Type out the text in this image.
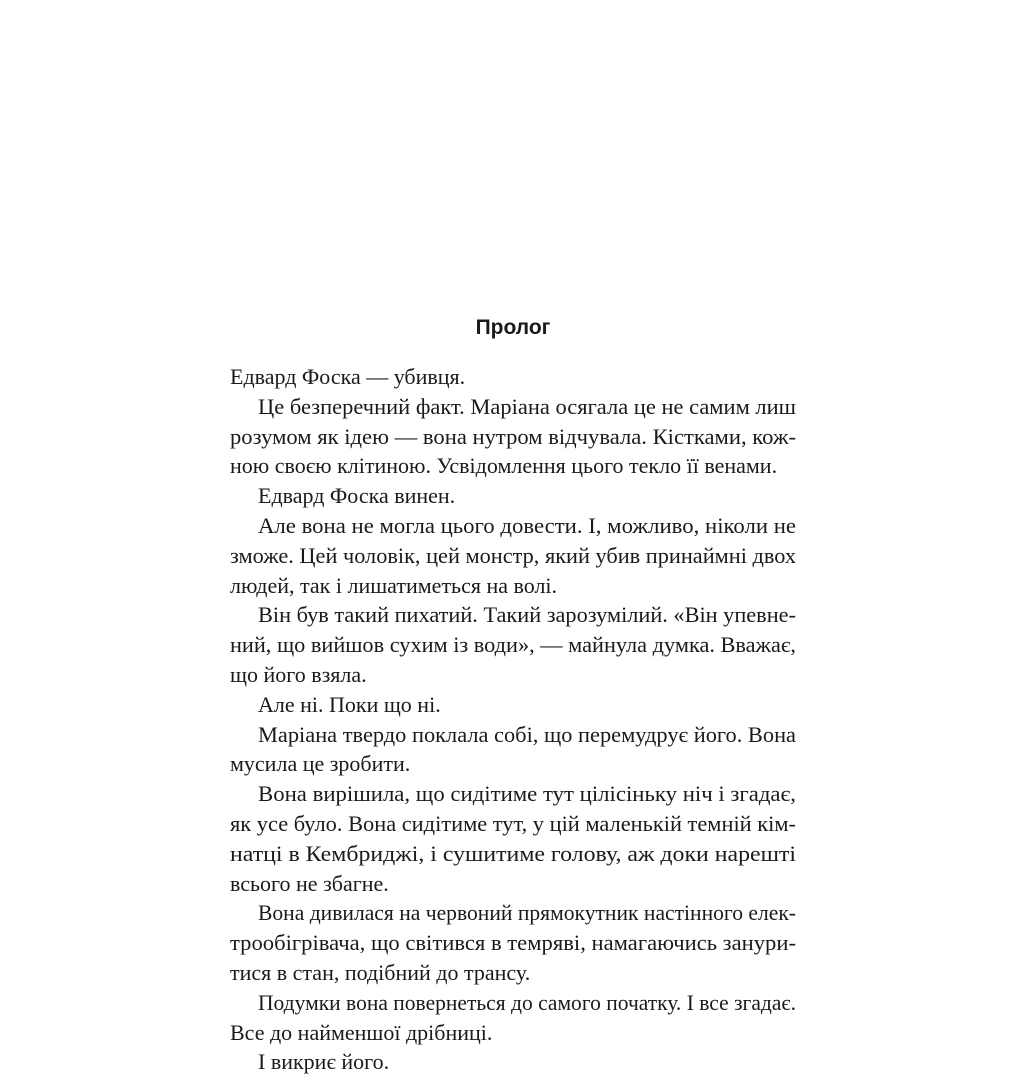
Пролог
Едвард Фоска — убивця.
Це безперечний факт. Маріана осягала це не самим лиш
розумом як ідею — вона нутром відчувала. Кістками, кож-
ною своєю клітиною. Усвідомлення цього текло її венами.
Едвард Фоска винен.
Але вона не могла цього довести. І, можливо, ніколи не
зможе. Цей чоловік, цей монстр, який убив принаймні двох
людей, так і лишатиметься на волі.
Він був такий пихатий. Такий зарозумілий. «Він упевне-
ний, що вийшов сухим із води», — майнула думка. Вважає,
що його взяла.
Але ні. Поки що ні.
Маріана твердо поклала собі, що перемудрує його. Вона
мусила це зробити.
Вона вирішила, що сидітиме тут цілісіньку ніч і згадає,
як усе було. Вона сидітиме тут, у цій маленькій темній кім-
натці в Кембриджі, і сушитиме голову, аж доки нарешті
всього не збагне.
Вона дивилася на червоний прямокутник настінного елек-
трообігрівача, що світився в темряві, намагаючись занури-
тися в стан, подібний до трансу.
Подумки вона повернеться до самого початку. І все згадає.
Все до найменшої дрібниці.
І викриє його.
